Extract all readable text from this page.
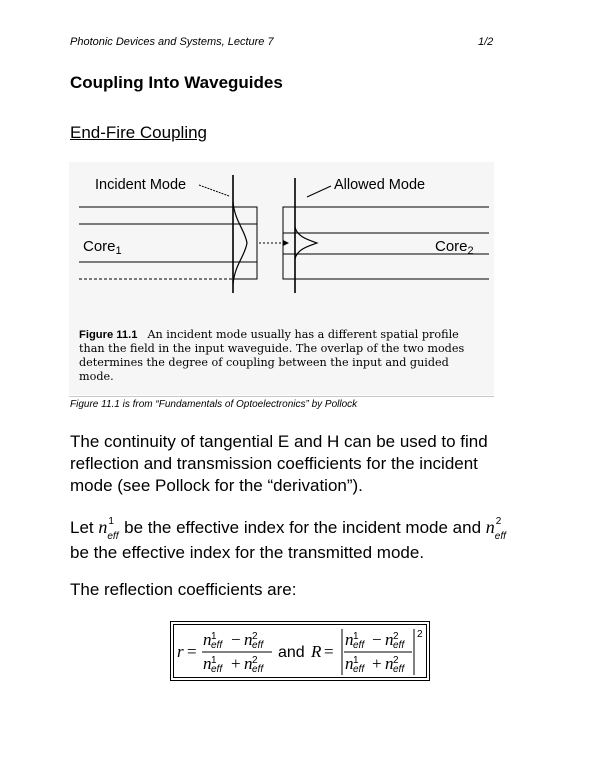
Photonic Devices and Systems, Lecture 7	1/2
Coupling Into Waveguides
End-Fire Coupling
Incident Mode	Allowed Mode
Core$_1$	Core$_2$
Figure 11.1 An incident mode usually has a different spatial profile
than the field in the input waveguide. The overlap of the two modes
determines the degree of coupling between the input and guided
mode.
Figure 11.1 is from “Fundamentals of Optoelectronics” by Pollock
The continuity of tangential E and H can be used to find reflection and transmission coefficients for the incident mode (see Pollock for the “derivation”).
Let n 1
eff be the effective index for the incident mode and n 2
eff

be the effective index for the transmitted mode.
The reflection coefficients are:
r =
n 1
eff − n 2
eff
n 1
eff + n 2
eff
and R =
n 1
eff − n 2
eff
n 1
eff + n 2
eff
2
